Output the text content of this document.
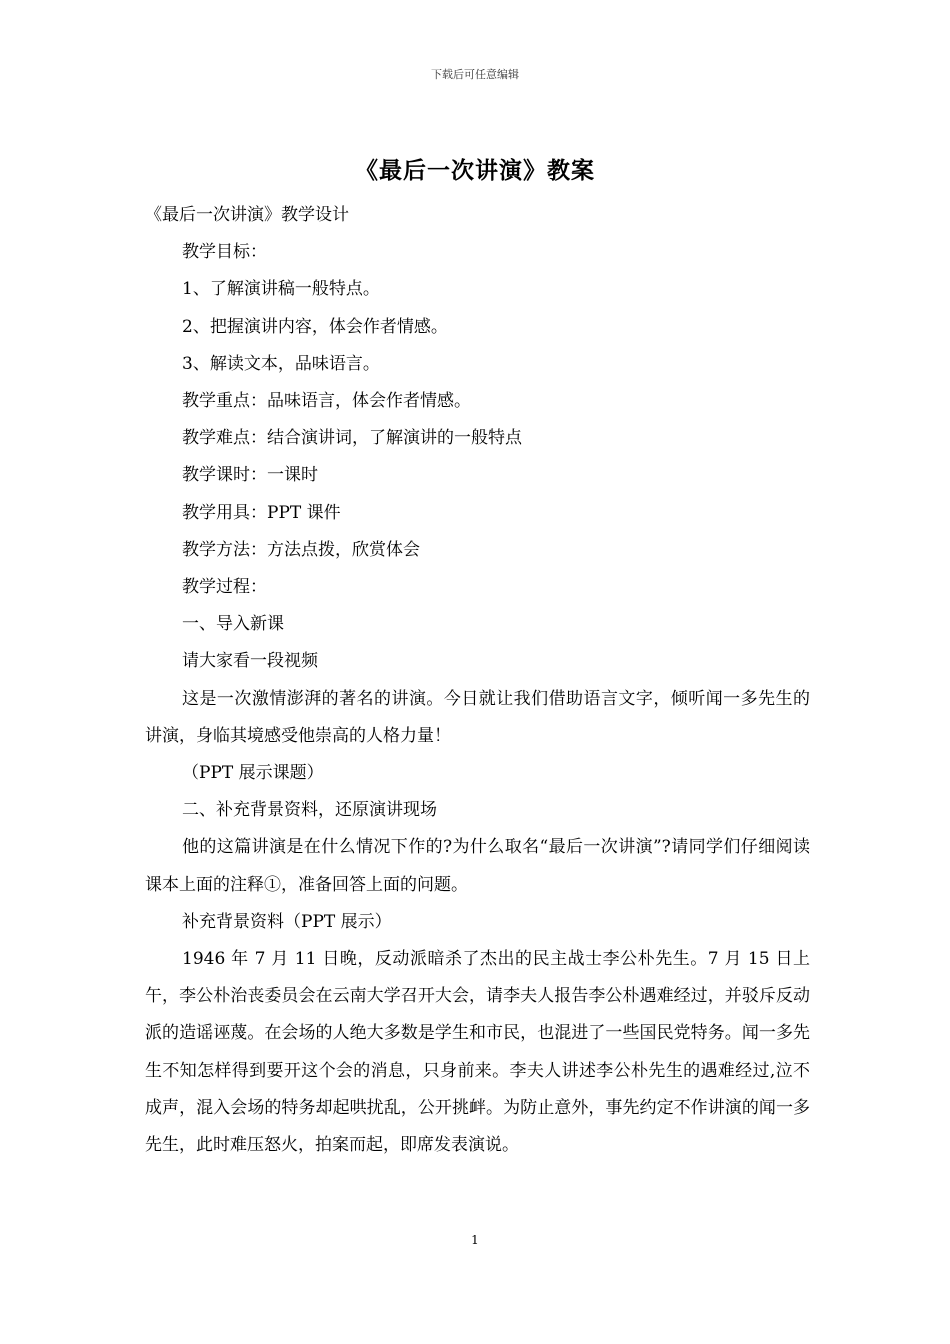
下载后可任意编辑
《最后一次讲演》教案

《最后一次讲演》教学设计

教学目标：

1、了解演讲稿一般特点。

2、把握演讲内容，体会作者情感。

3、解读文本，品味语言。

教学重点：品味语言，体会作者情感。

教学难点：结合演讲词，了解演讲的一般特点

教学课时：一课时

教学用具：PPT 课件

教学方法：方法点拨，欣赏体会

教学过程：

一、导入新课

请大家看一段视频

这是一次激情澎湃的著名的讲演。今日就让我们借助语言文字，倾听闻一多先生的讲演，身临其境感受他崇高的人格力量！

（PPT 展示课题）

二、补充背景资料，还原演讲现场

他的这篇讲演是在什么情况下作的?为什么取名“最后一次讲演”?请同学们仔细阅读课本上面的注释①，准备回答上面的问题。

补充背景资料（PPT 展示）

1946 年 7 月 11 日晚，反动派暗杀了杰出的民主战士李公朴先生。7 月 15 日上午，李公朴治丧委员会在云南大学召开大会，请李夫人报告李公朴遇难经过，并驳斥反动派的造谣诬蔑。在会场的人绝大多数是学生和市民，也混进了一些国民党特务。闻一多先生不知怎样得到要开这个会的消息，只身前来。李夫人讲述李公朴先生的遇难经过,泣不成声，混入会场的特务却起哄扰乱，公开挑衅。为防止意外，事先约定不作讲演的闻一多先生，此时难压怒火，拍案而起，即席发表演说。

1
